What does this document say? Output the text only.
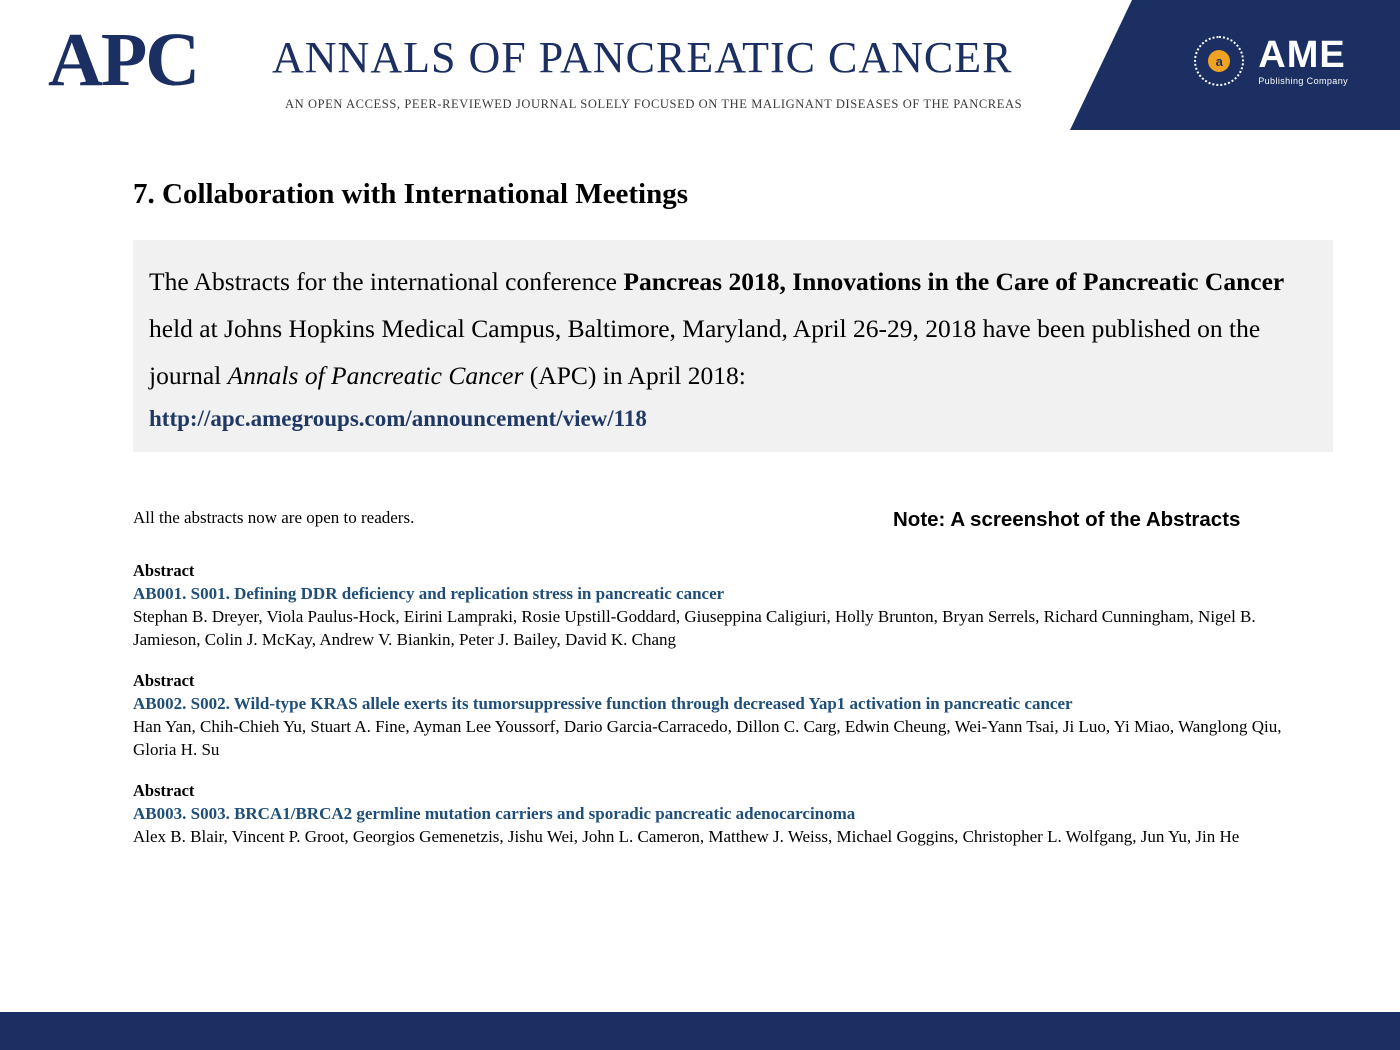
APC ANNALS OF PANCREATIC CANCER
AN OPEN ACCESS, PEER-REVIEWED JOURNAL SOLELY FOCUSED ON THE MALIGNANT DISEASES OF THE PANCREAS
a AME
Publishing Company
7. Collaboration with International Meetings

The Abstracts for the international conference Pancreas 2018, Innovations in the Care of Pancreatic Cancer held at Johns Hopkins Medical Campus, Baltimore, Maryland, April 26-29, 2018 have been published on the journal Annals of Pancreatic Cancer (APC) in April 2018:

http://apc.amegroups.com/announcement/view/118
All the abstracts now are open to readers.	Note: A screenshot of the Abstracts
Abstract
AB001. S001. Defining DDR deficiency and replication stress in pancreatic cancer
Stephan B. Dreyer, Viola Paulus-Hock, Eirini Lampraki, Rosie Upstill-Goddard, Giuseppina Caligiuri, Holly Brunton, Bryan Serrels, Richard Cunningham, Nigel B. Jamieson, Colin J. McKay, Andrew V. Biankin, Peter J. Bailey, David K. Chang
Abstract
AB002. S002. Wild-type KRAS allele exerts its tumorsuppressive function through decreased Yap1 activation in pancreatic cancer
Han Yan, Chih-Chieh Yu, Stuart A. Fine, Ayman Lee Youssorf, Dario Garcia-Carracedo, Dillon C. Carg, Edwin Cheung, Wei-Yann Tsai, Ji Luo, Yi Miao, Wanglong Qiu, Gloria H. Su
Abstract
AB003. S003. BRCA1/BRCA2 germline mutation carriers and sporadic pancreatic adenocarcinoma
Alex B. Blair, Vincent P. Groot, Georgios Gemenetzis, Jishu Wei, John L. Cameron, Matthew J. Weiss, Michael Goggins, Christopher L. Wolfgang, Jun Yu, Jin He
